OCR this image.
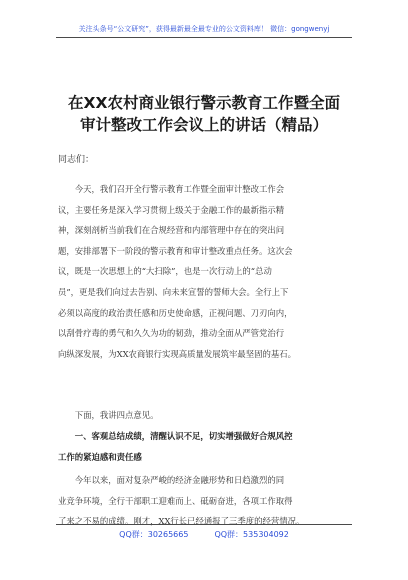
关注头条号“公文研究”，获得最新最全最专业的公文资料库！ 微信：gongwenyj
在XX农村商业银行警示教育工作暨全面
审计整改工作会议上的讲话（精品）
同志们：
　　今天，我们召开全行警示教育工作暨全面审计整改工作会
议，主要任务是深入学习贯彻上级关于金融工作的最新指示精
神，深刻剖析当前我们在合规经营和内部管理中存在的突出问
题，安排部署下一阶段的警示教育和审计整改重点任务。这次会
议，既是一次思想上的“大扫除”，也是一次行动上的“总动
员”，更是我们向过去告别、向未来宣誓的誓师大会。全行上下
必须以高度的政治责任感和历史使命感，正视问题、刀刃向内，
以刮骨疗毒的勇气和久久为功的韧劲，推动全面从严管党治行
向纵深发展，为XX农商银行实现高质量发展筑牢最坚固的基石。
　　下面，我讲四点意见。
　　一、客观总结成绩，清醒认识不足，切实增强做好合规风控
工作的紧迫感和责任感
　　今年以来，面对复杂严峻的经济金融形势和日趋激烈的同
业竞争环境，全行干部职工迎难而上、砥砺奋进，各项工作取得
了来之不易的成绩。刚才，XX行长已经通报了三季度的经营情况。
QQ群：30265665	QQ群：535304092
